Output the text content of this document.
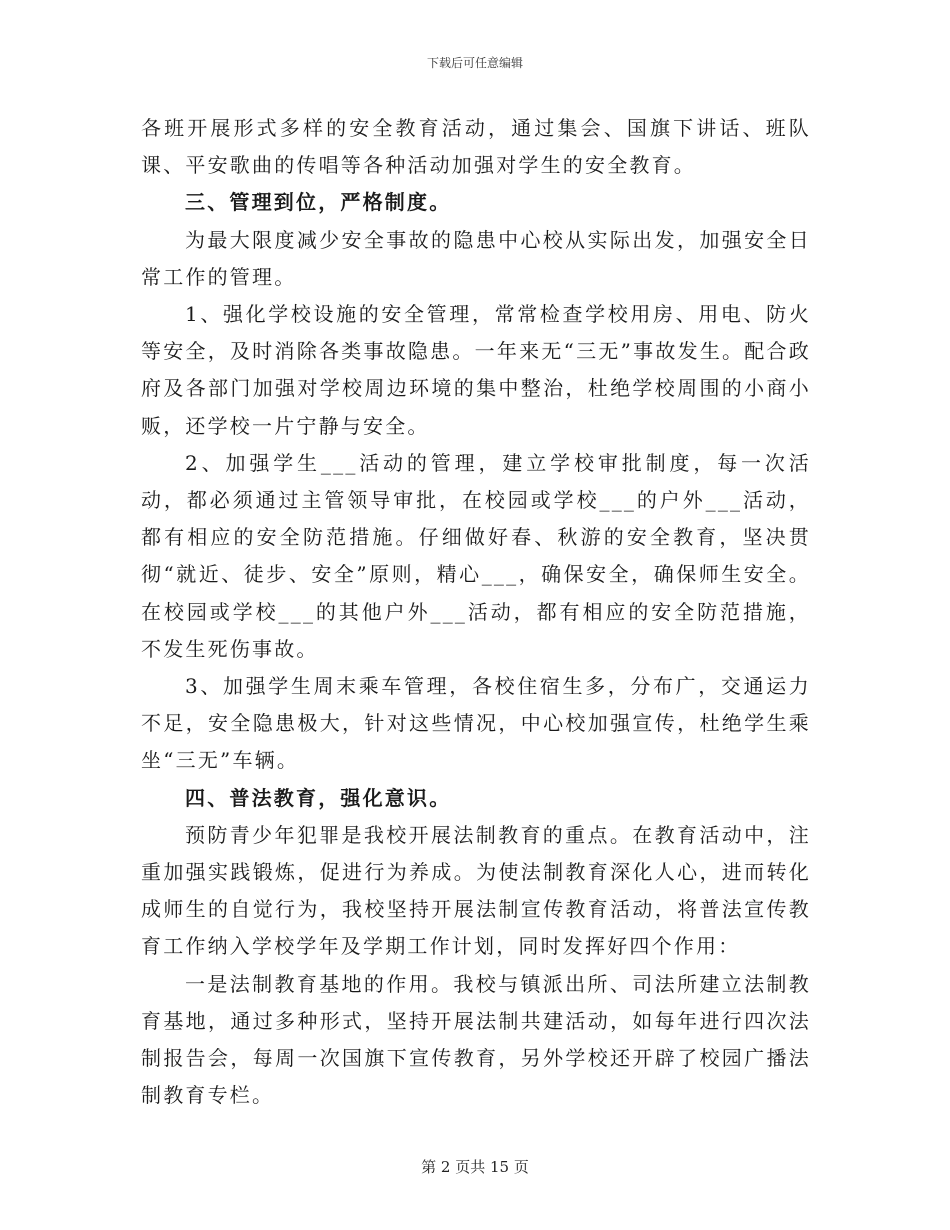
下载后可任意编辑

各班开展形式多样的安全教育活动，通过集会、国旗下讲话、班队课、平安歌曲的传唱等各种活动加强对学生的安全教育。

三、管理到位，严格制度。

为最大限度减少安全事故的隐患中心校从实际出发，加强安全日常工作的管理。

1、强化学校设施的安全管理，常常检查学校用房、用电、防火等安全，及时消除各类事故隐患。一年来无“三无”事故发生。配合政府及各部门加强对学校周边环境的集中整治，杜绝学校周围的小商小贩，还学校一片宁静与安全。

2、加强学生___活动的管理，建立学校审批制度，每一次活动，都必须通过主管领导审批，在校园或学校___的户外___活动，都有相应的安全防范措施。仔细做好春、秋游的安全教育，坚决贯彻“就近、徒步、安全”原则，精心___，确保安全，确保师生安全。在校园或学校___的其他户外___活动，都有相应的安全防范措施，不发生死伤事故。

3、加强学生周末乘车管理，各校住宿生多，分布广，交通运力不足，安全隐患极大，针对这些情况，中心校加强宣传，杜绝学生乘坐“三无”车辆。

四、普法教育，强化意识。

预防青少年犯罪是我校开展法制教育的重点。在教育活动中，注重加强实践锻炼，促进行为养成。为使法制教育深化人心，进而转化成师生的自觉行为，我校坚持开展法制宣传教育活动，将普法宣传教育工作纳入学校学年及学期工作计划，同时发挥好四个作用：

一是法制教育基地的作用。我校与镇派出所、司法所建立法制教育基地，通过多种形式，坚持开展法制共建活动，如每年进行四次法制报告会，每周一次国旗下宣传教育，另外学校还开辟了校园广播法制教育专栏。

第 2 页共 15 页
